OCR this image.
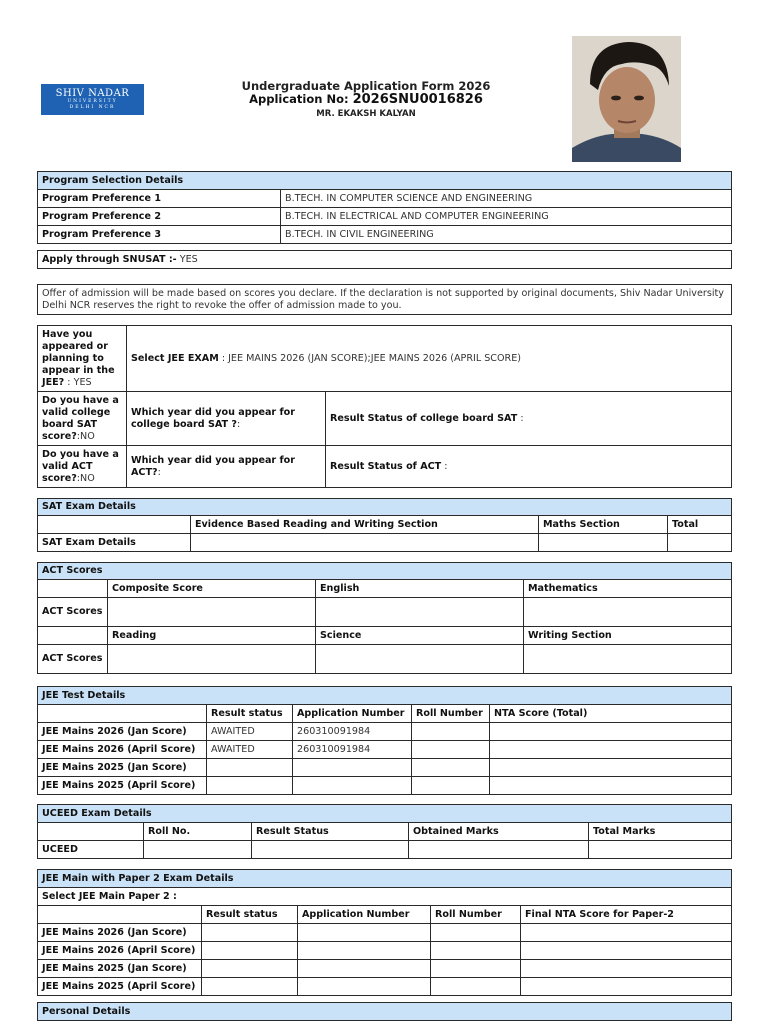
SHIV NADAR
UNIVERSITY
DELHI NCR
Undergraduate Application Form 2026
Application No: 2026SNU0016826
MR. EKAKSH KALYAN
Program Selection Details	
Program Preference 1	B.TECH. IN COMPUTER SCIENCE AND ENGINEERING
Program Preference 2	B.TECH. IN ELECTRICAL AND COMPUTER ENGINEERING
Program Preference 3	B.TECH. IN CIVIL ENGINEERING
Apply through SNUSAT :- YES
Offer of admission will be made based on scores you declare. If the declaration is not supported by original documents, Shiv Nadar University Delhi NCR reserves the right to revoke the offer of admission made to you.
Have you appeared or planning to appear in the JEE? : YES	Select JEE EXAM : JEE MAINS 2026 (JAN SCORE);JEE MAINS 2026 (APRIL SCORE)	
Do you have a valid college board SAT score?:NO	Which year did you appear for college board SAT ?:	Result Status of college board SAT :
Do you have a valid ACT score?:NO	Which year did you appear for ACT?:	Result Status of ACT :
SAT Exam Details			
	Evidence Based Reading and Writing Section	Maths Section	Total
SAT Exam Details			
ACT Scores			
	Composite Score	English	Mathematics
ACT Scores			
	Reading	Science	Writing Section
ACT Scores			
JEE Test Details				
	Result status	Application Number	Roll Number	NTA Score (Total)
JEE Mains 2026 (Jan Score)	AWAITED	260310091984		
JEE Mains 2026 (April Score)	AWAITED	260310091984		
JEE Mains 2025 (Jan Score)				
JEE Mains 2025 (April Score)				
UCEED Exam Details				
	Roll No.	Result Status	Obtained Marks	Total Marks
UCEED				
JEE Main with Paper 2 Exam Details				
Select JEE Main Paper 2 :				
	Result status	Application Number	Roll Number	Final NTA Score for Paper-2
JEE Mains 2026 (Jan Score)				
JEE Mains 2026 (April Score)				
JEE Mains 2025 (Jan Score)				
JEE Mains 2025 (April Score)				
Personal Details
